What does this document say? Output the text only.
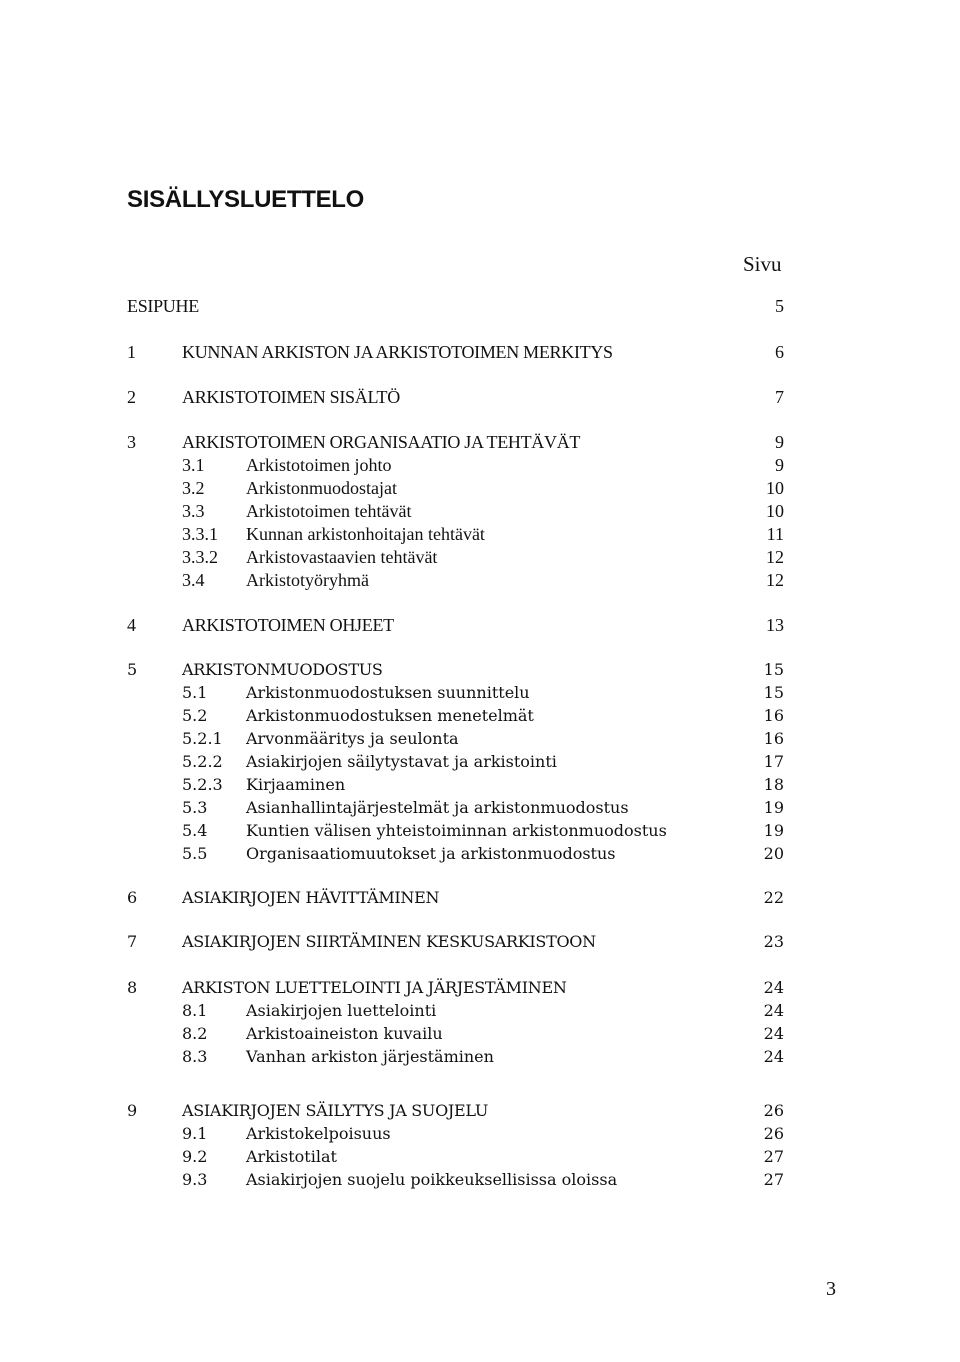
SISÄLLYSLUETTELO
Sivu
ESIPUHE	5
1	KUNNAN ARKISTON JA ARKISTOTOIMEN MERKITYS	6
2	ARKISTOTOIMEN SISÄLTÖ	7
3	ARKISTOTOIMEN ORGANISAATIO JA TEHTÄVÄT	9
3.1 Arkistotoimen johto	9
3.2 Arkistonmuodostajat	10
3.3 Arkistotoimen tehtävät	10
3.3.1 Kunnan arkistonhoitajan tehtävät	11
3.3.2 Arkistovastaavien tehtävät	12
3.4 Arkistotyöryhmä	12
4	ARKISTOTOIMEN OHJEET	13
5	ARKISTONMUODOSTUS	15
5.1 Arkistonmuodostuksen suunnittelu	15
5.2 Arkistonmuodostuksen menetelmät	16
5.2.1 Arvonmääritys ja seulonta	16
5.2.2 Asiakirjojen säilytystavat ja arkistointi	17
5.2.3 Kirjaaminen	18
5.3 Asianhallintajärjestelmät ja arkistonmuodostus	19
5.4 Kuntien välisen yhteistoiminnan arkistonmuodostus	19
5.5 Organisaatiomuutokset ja arkistonmuodostus	20
6	ASIAKIRJOJEN HÄVITTÄMINEN	22
7	ASIAKIRJOJEN SIIRTÄMINEN KESKUSARKISTOON	23
8	ARKISTON LUETTELOINTI JA JÄRJESTÄMINEN	24
8.1 Asiakirjojen luettelointi	24
8.2 Arkistoaineiston kuvailu	24
8.3 Vanhan arkiston järjestäminen	24
9	ASIAKIRJOJEN SÄILYTYS JA SUOJELU	26
9.1 Arkistokelpoisuus	26
9.2 Arkistotilat	27
9.3 Asiakirjojen suojelu poikkeuksellisissa oloissa	27
3
